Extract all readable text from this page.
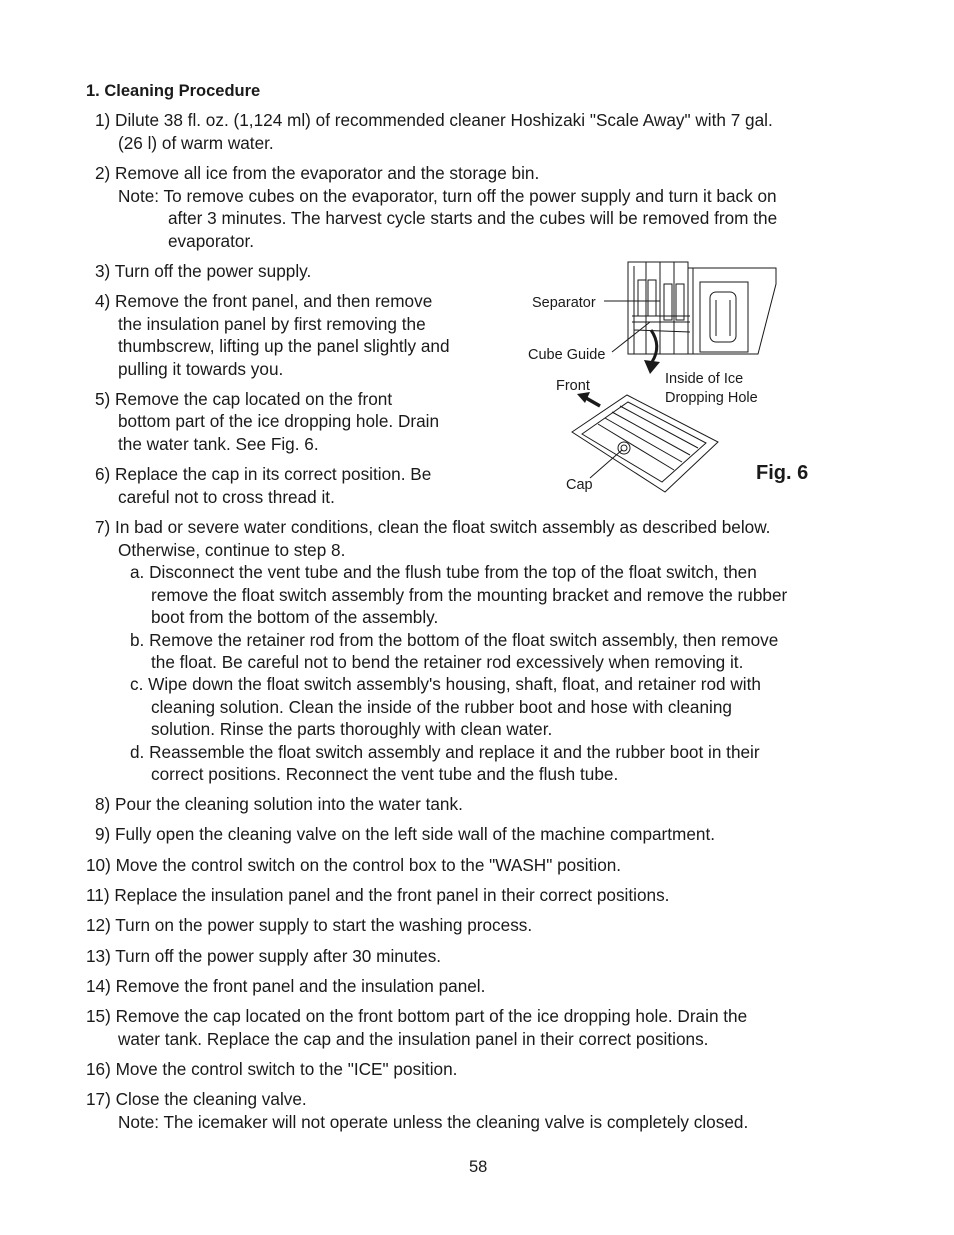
1. Cleaning Procedure
1) Dilute 38 fl. oz. (1,124 ml) of recommended cleaner Hoshizaki "Scale Away" with 7 gal.
(26 l) of warm water.
2) Remove all ice from the evaporator and the storage bin.
Note: To remove cubes on the evaporator, turn off the power supply and turn it back on
after 3 minutes. The harvest cycle starts and the cubes will be removed from the
evaporator.
3) Turn off the power supply.
4) Remove the front panel, and then remove
the insulation panel by first removing the
thumbscrew, lifting up the panel slightly and
pulling it towards you.
5) Remove the cap located on the front
bottom part of the ice dropping hole. Drain
the water tank. See Fig. 6.
6) Replace the cap in its correct position. Be
careful not to cross thread it.
7) In bad or severe water conditions, clean the float switch assembly as described below.
Otherwise, continue to step 8.
a. Disconnect the vent tube and the flush tube from the top of the float switch, then
remove the float switch assembly from the mounting bracket and remove the rubber
boot from the bottom of the assembly.
b. Remove the retainer rod from the bottom of the float switch assembly, then remove
the float. Be careful not to bend the retainer rod excessively when removing it.
c. Wipe down the float switch assembly's housing, shaft, float, and retainer rod with
cleaning solution. Clean the inside of the rubber boot and hose with cleaning
solution. Rinse the parts thoroughly with clean water.
d. Reassemble the float switch assembly and replace it and the rubber boot in their
correct positions. Reconnect the vent tube and the flush tube.
8) Pour the cleaning solution into the water tank.
9) Fully open the cleaning valve on the left side wall of the machine compartment.
10) Move the control switch on the control box to the "WASH" position.
11) Replace the insulation panel and the front panel in their correct positions.
12) Turn on the power supply to start the washing process.
13) Turn off the power supply after 30 minutes.
14) Remove the front panel and the insulation panel.
15) Remove the cap located on the front bottom part of the ice dropping hole. Drain the
water tank. Replace the cap and the insulation panel in their correct positions.
16) Move the control switch to the "ICE" position.
17) Close the cleaning valve.
Note: The icemaker will not operate unless the cleaning valve is completely closed.
Separator
Cube Guide
Front	Inside of Ice
Dropping Hole
Cap
Fig. 6
58
